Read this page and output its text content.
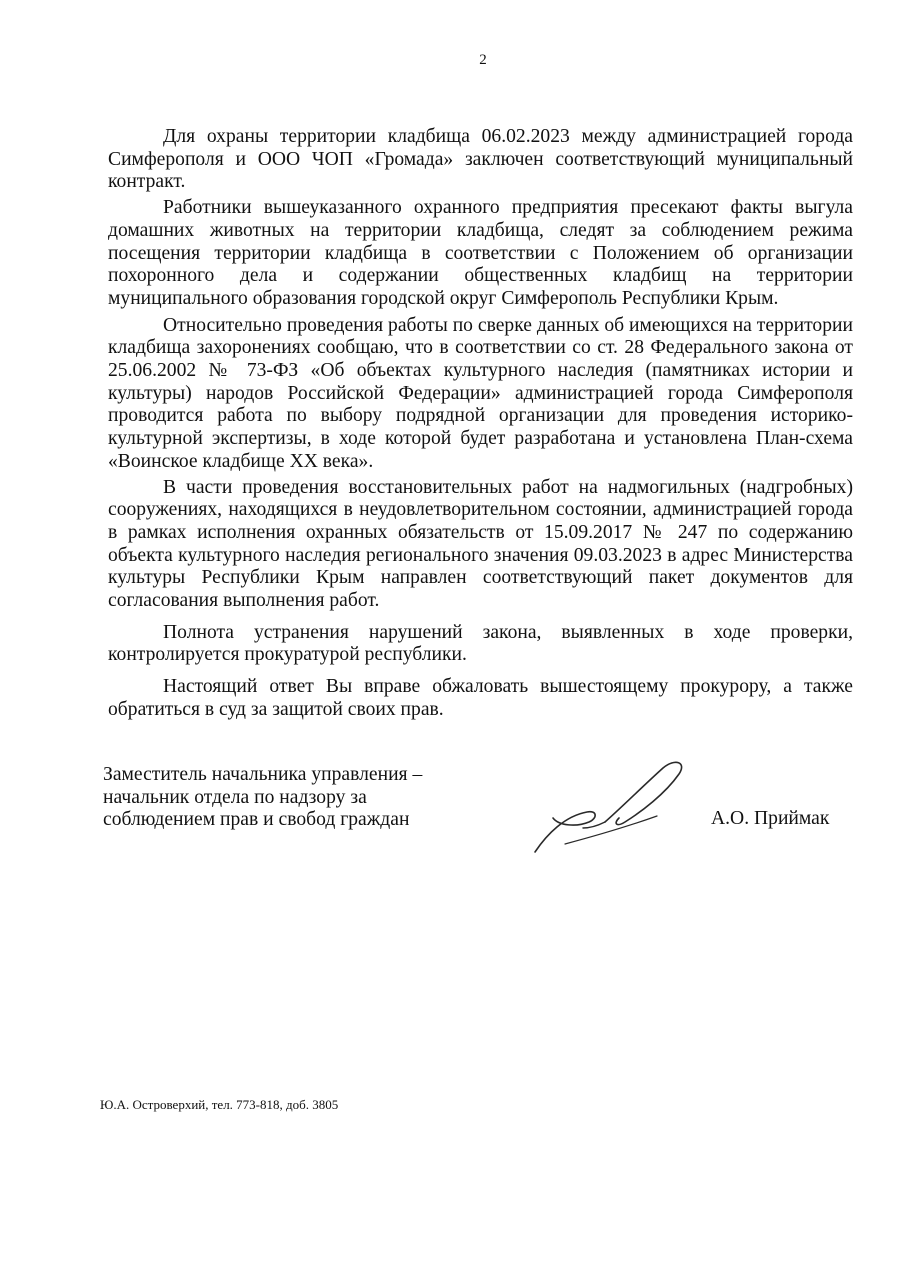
2

Для охраны территории кладбища 06.02.2023 между администрацией города Симферополя и ООО ЧОП «Громада» заключен соответствующий муниципальный контракт.

Работники вышеуказанного охранного предприятия пресекают факты выгула домашних животных на территории кладбища, следят за соблюдением режима посещения территории кладбища в соответствии с Положением об организации похоронного дела и содержании общественных кладбищ на территории муниципального образования городской округ Симферополь Республики Крым.

Относительно проведения работы по сверке данных об имеющихся на территории кладбища захоронениях сообщаю, что в соответствии со ст. 28 Федерального закона от 25.06.2002 № 73-ФЗ «Об объектах культурного наследия (памятниках истории и культуры) народов Российской Федерации» администрацией города Симферополя проводится работа по выбору подрядной организации для проведения историко-культурной экспертизы, в ходе которой будет разработана и установлена План-схема «Воинское кладбище XX века».

В части проведения восстановительных работ на надмогильных (надгробных) сооружениях, находящихся в неудовлетворительном состоянии, администрацией города в рамках исполнения охранных обязательств от 15.09.2017 № 247 по содержанию объекта культурного наследия регионального значения 09.03.2023 в адрес Министерства культуры Республики Крым направлен соответствующий пакет документов для согласования выполнения работ.

Полнота устранения нарушений закона, выявленных в ходе проверки, контролируется прокуратурой республики.

Настоящий ответ Вы вправе обжаловать вышестоящему прокурору, а также обратиться в суд за защитой своих прав.

Заместитель начальника управления –
начальник отдела по надзору за
соблюдением прав и свобод граждан	А.О. Приймак
Ю.А. Островерхий, тел. 773-818, доб. 3805
